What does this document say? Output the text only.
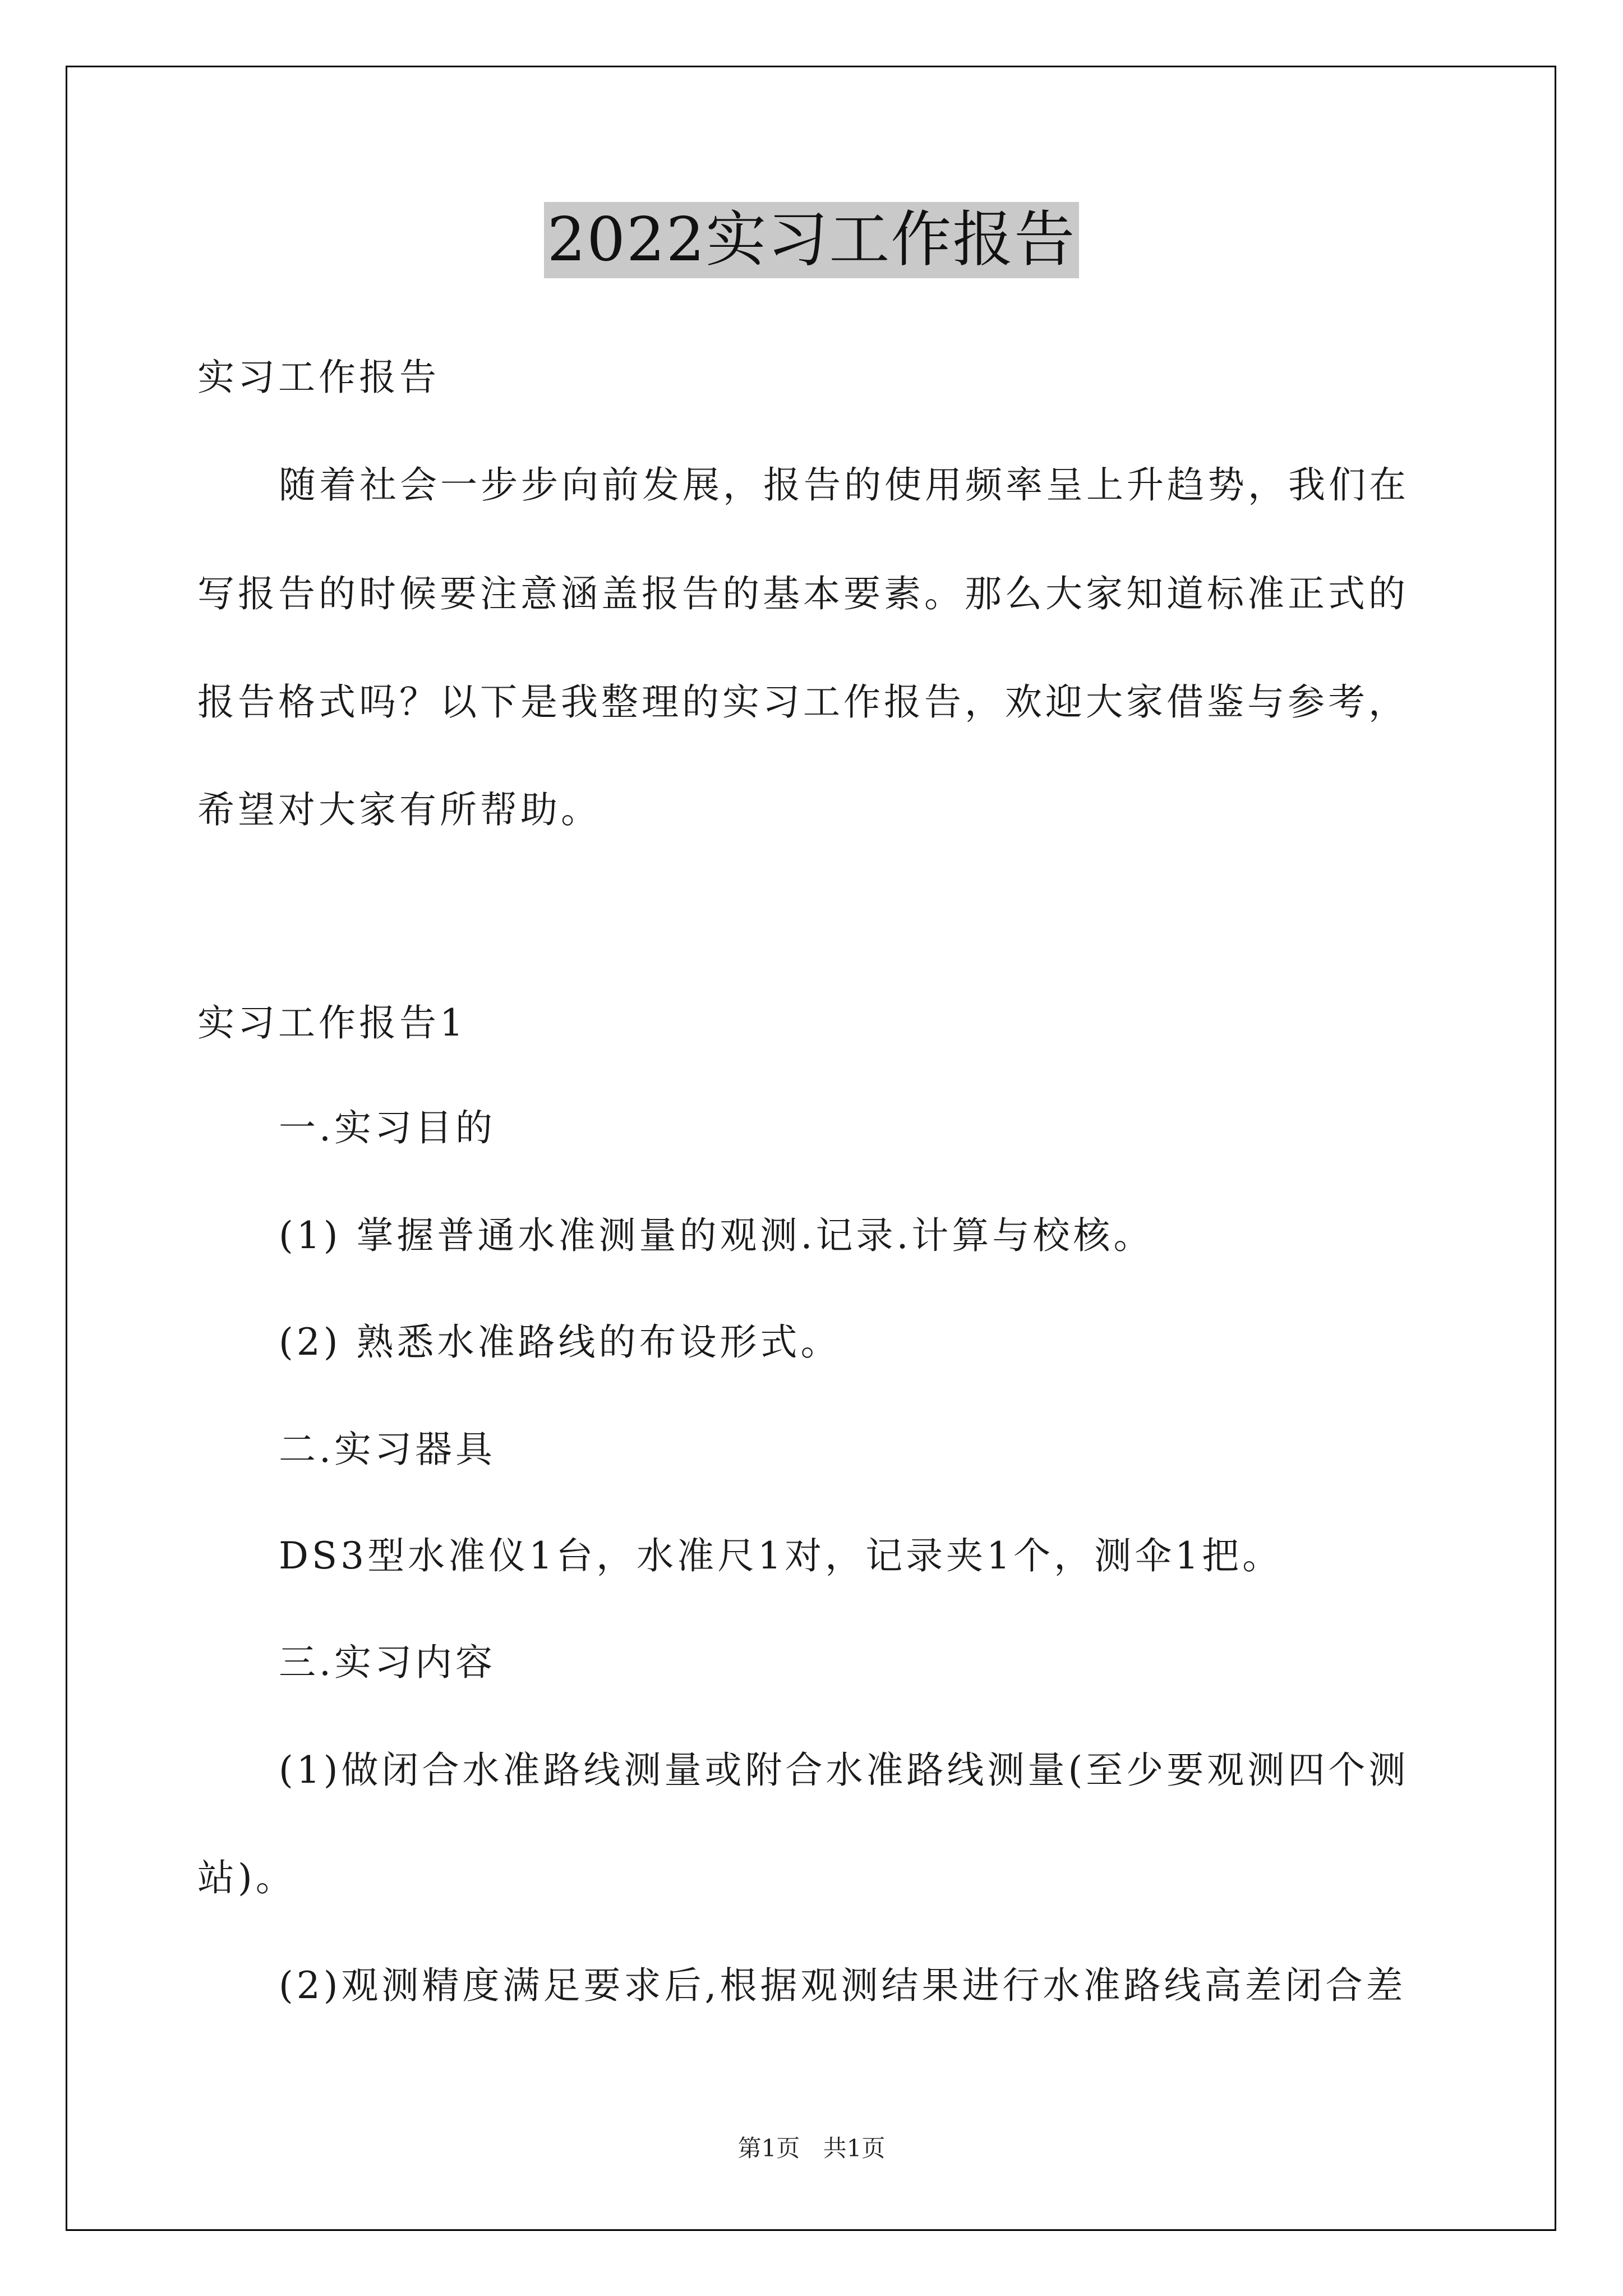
2022实习工作报告
实习工作报告
随着社会一步步向前发展，报告的使用频率呈上升趋势，我们在
写报告的时候要注意涵盖报告的基本要素。那么大家知道标准正式的
报告格式吗？以下是我整理的实习工作报告，欢迎大家借鉴与参考，
希望对大家有所帮助。
实习工作报告1
一.实习目的
(1) 掌握普通水准测量的观测.记录.计算与校核。
(2) 熟悉水准路线的布设形式。
二.实习器具
DS3型水准仪1台，水准尺1对，记录夹1个，测伞1把。
三.实习内容
(1)做闭合水准路线测量或附合水准路线测量(至少要观测四个测
站)。
(2)观测精度满足要求后,根据观测结果进行水准路线高差闭合差
第1页 共1页
